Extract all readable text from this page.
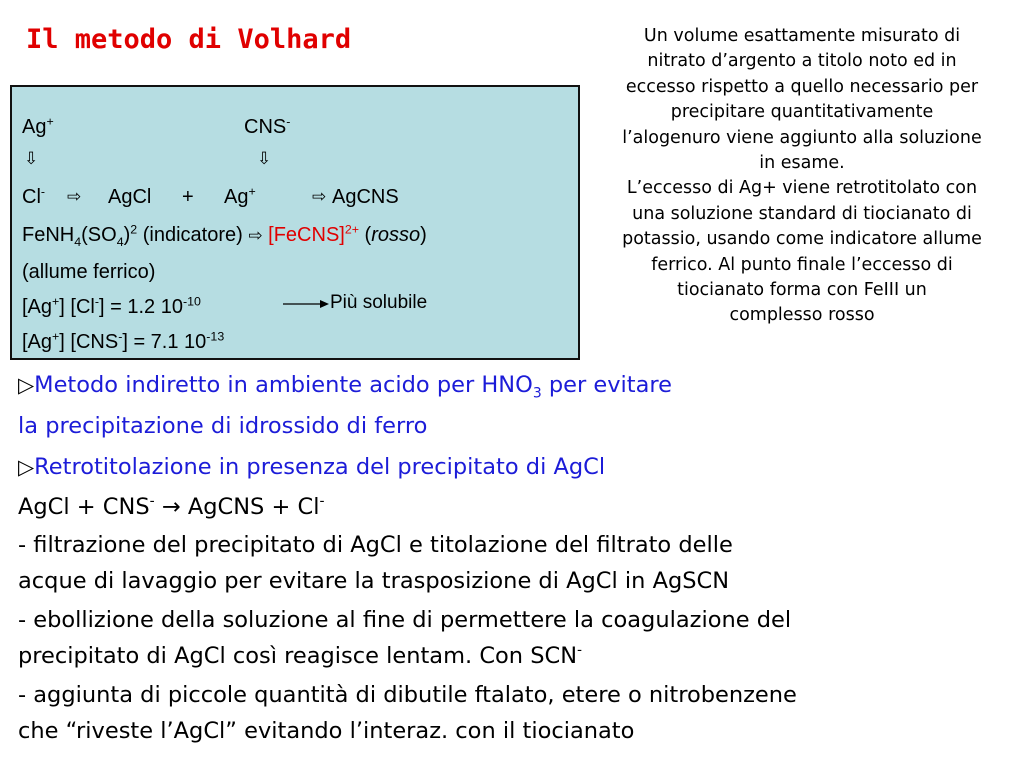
Il metodo di Volhard	Un volume esattamente misurato di
nitrato d’argento a titolo noto ed in
eccesso rispetto a quello necessario per
precipitare quantitativamente
l’alogenuro viene aggiunto alla soluzione
in esame.
L’eccesso di Ag+ viene retrotitolato con
una soluzione standard di tiocianato di
potassio, usando come indicatore allume
ferrico. Al punto finale l’eccesso di
tiocianato forma con FeIII un
complesso rosso
Ag+	CNS-
⇩	⇩
Cl- ⇨ AgCl + Ag+	⇨ AgCNS
$FeNH_4(SO_4)^2$ (indicatore) ⇨ [FeCNS]$^{2+}$ (rosso)
(allume ferrico)
[Ag+] [Cl-] = 1.2 $10^{-10}$	Più solubile
[Ag+] [CNS-] = 7.1 $10^{-13}$
▷Metodo indiretto in ambiente acido per $HNO_3$ per evitare
la precipitazione di idrossido di ferro
▷Retrotitolazione in presenza del precipitato di AgCl
AgCl + CNS- → AgCNS + Cl-
- filtrazione del precipitato di AgCl e titolazione del filtrato delle
acque di lavaggio per evitare la trasposizione di AgCl in AgSCN
- ebollizione della soluzione al fine di permettere la coagulazione del
precipitato di AgCl così reagisce lentam. Con SCN-
- aggiunta di piccole quantità di dibutile ftalato, etere o nitrobenzene
che “riveste l’AgCl” evitando l’interaz. con il tiocianato
